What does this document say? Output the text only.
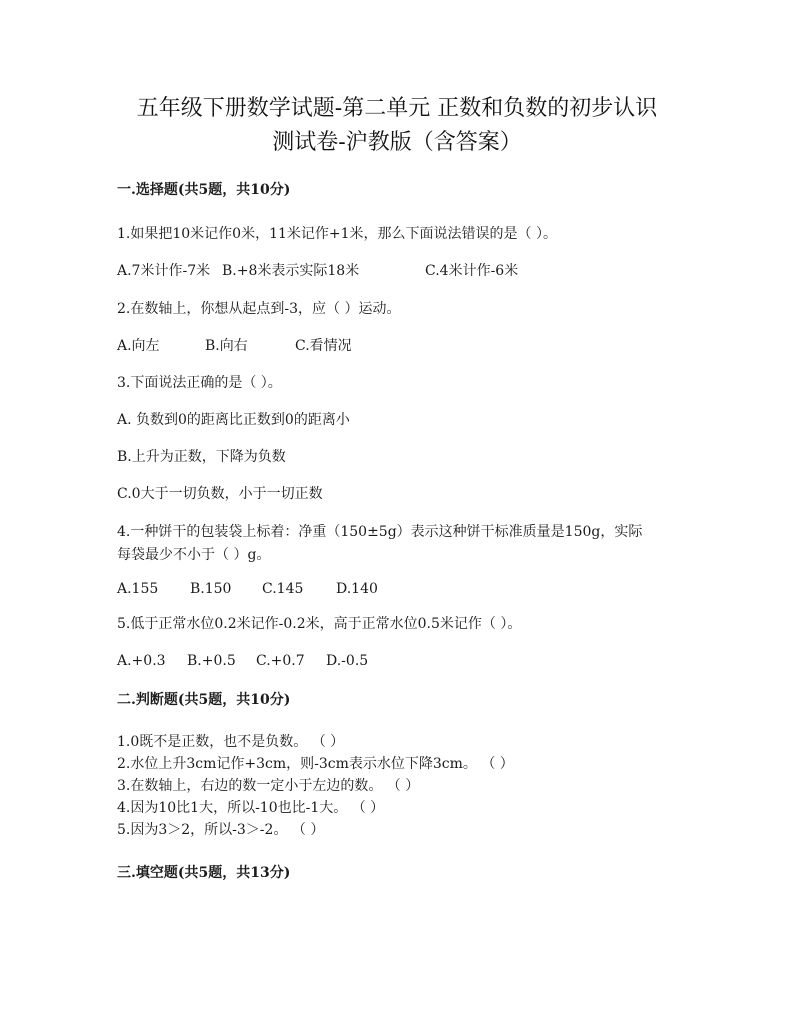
五年级下册数学试题-第二单元 正数和负数的初步认识
测试卷-沪教版（含答案）
一.选择题(共5题，共10分)
1.如果把10米记作0米，11米记作+1米，那么下面说法错误的是（ ）。
A.7米计作-7米 B.+8米表示实际18米	C.4米计作-6米
2.在数轴上，你想从起点到-3，应（ ）运动。
A.向左	B.向右	C.看情况
3.下面说法正确的是（ ）。
A. 负数到0的距离比正数到0的距离小
B.上升为正数，下降为负数
C.0大于一切负数，小于一切正数
4.一种饼干的包装袋上标着：净重（150±5g）表示这种饼干标准质量是150g，实际
每袋最少不小于（ ）g。
A.155 B.150 C.145 D.140
5.低于正常水位0.2米记作-0.2米，高于正常水位0.5米记作（ ）。
A.+0.3 B.+0.5 C.+0.7 D.-0.5
二.判断题(共5题，共10分)
1.0既不是正数，也不是负数。 （ ）
2.水位上升3cm记作+3cm，则-3cm表示水位下降3cm。 （ ）
3.在数轴上，右边的数一定小于左边的数。 （ ）
4.因为10比1大，所以-10也比-1大。 （ ）
5.因为3＞2，所以-3＞-2。 （ ）
三.填空题(共5题，共13分)
